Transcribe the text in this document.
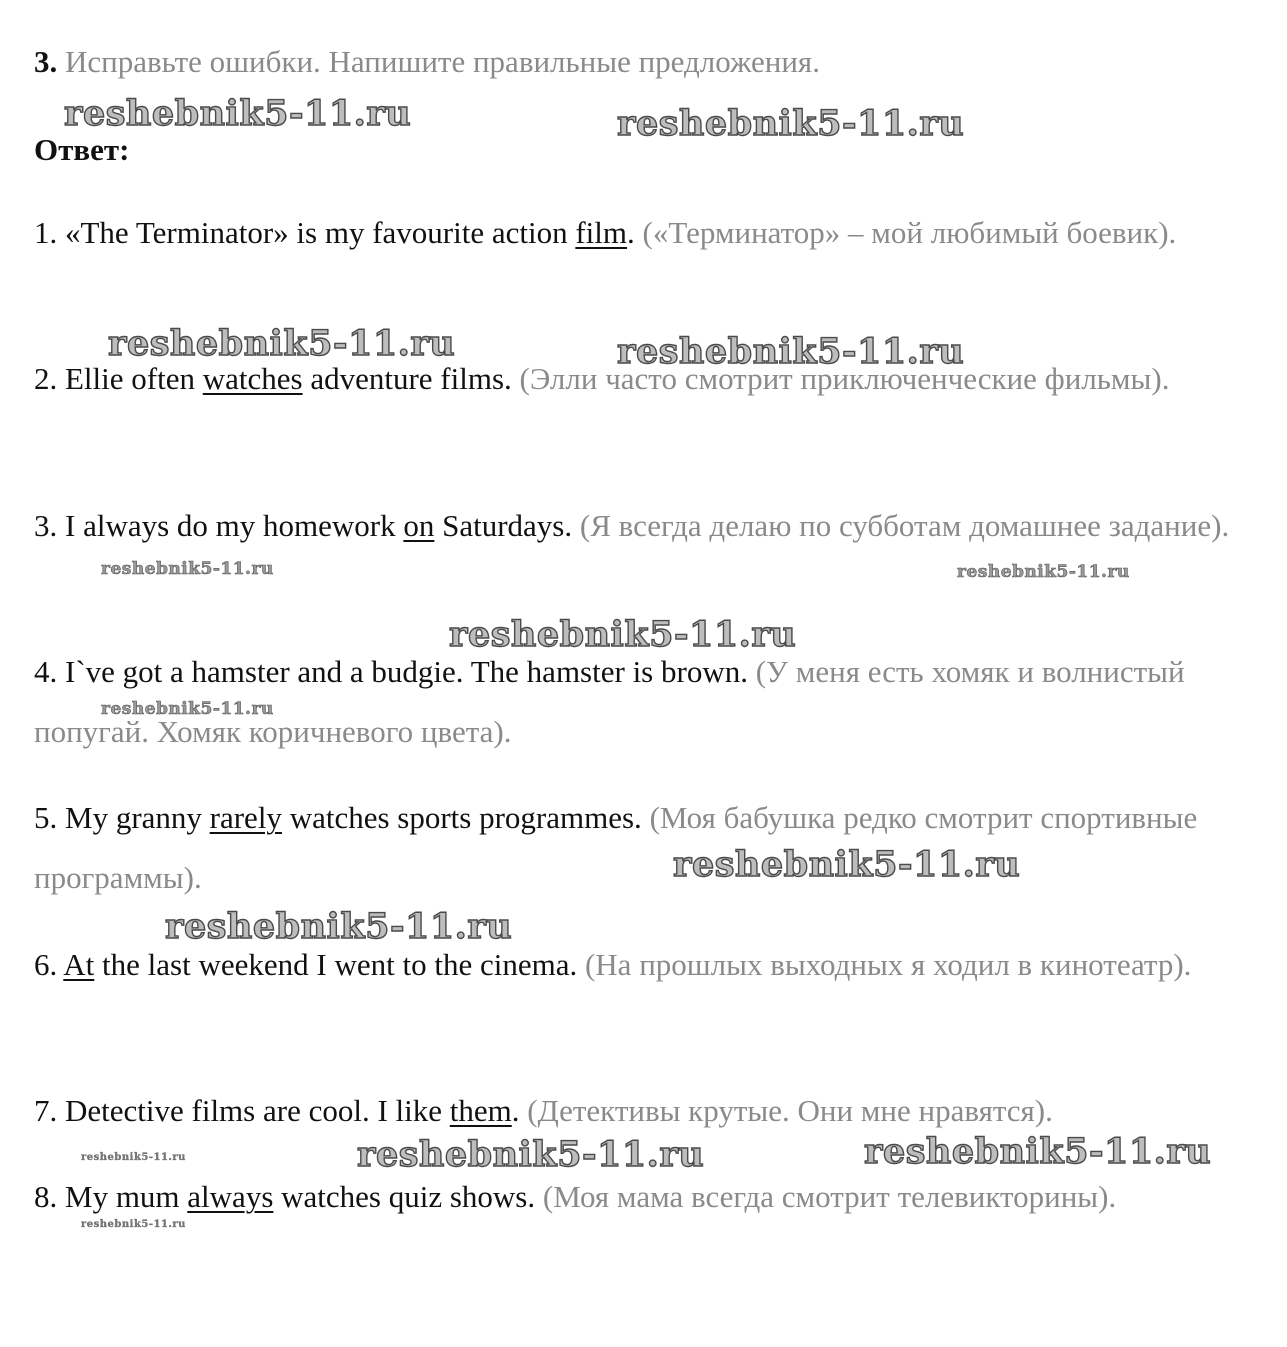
3. Исправьте ошибки. Напишите правильные предложения.
Ответ:
1. «The Terminator» is my favourite action film. («Терминатор» – мой любимый боевик).
2. Ellie often watches adventure films. (Элли часто смотрит приключенческие фильмы).
3. I always do my homework on Saturdays. (Я всегда делаю по субботам домашнее задание).
4. I`ve got a hamster and a budgie. The hamster is brown. (У меня есть хомяк и волнистый попугай. Хомяк коричневого цвета).
5. My granny rarely watches sports programmes. (Моя бабушка редко смотрит спортивные программы).
6. At the last weekend I went to the cinema. (На прошлых выходных я ходил в кинотеатр).
7. Detective films are cool. I like them. (Детективы крутые. Они мне нравятся).
8. My mum always watches quiz shows. (Моя мама всегда смотрит телевикторины).
reshebnik5-11.ru	reshebnik5-11.ru
reshebnik5-11.ru	reshebnik5-11.ru
reshebnik5-11.ru	reshebnik5-11.ru
reshebnik5-11.ru
reshebnik5-11.ru
reshebnik5-11.ru
reshebnik5-11.ru
reshebnik5-11.ru	reshebnik5-11.ru	reshebnik5-11.ru
reshebnik5-11.ru
